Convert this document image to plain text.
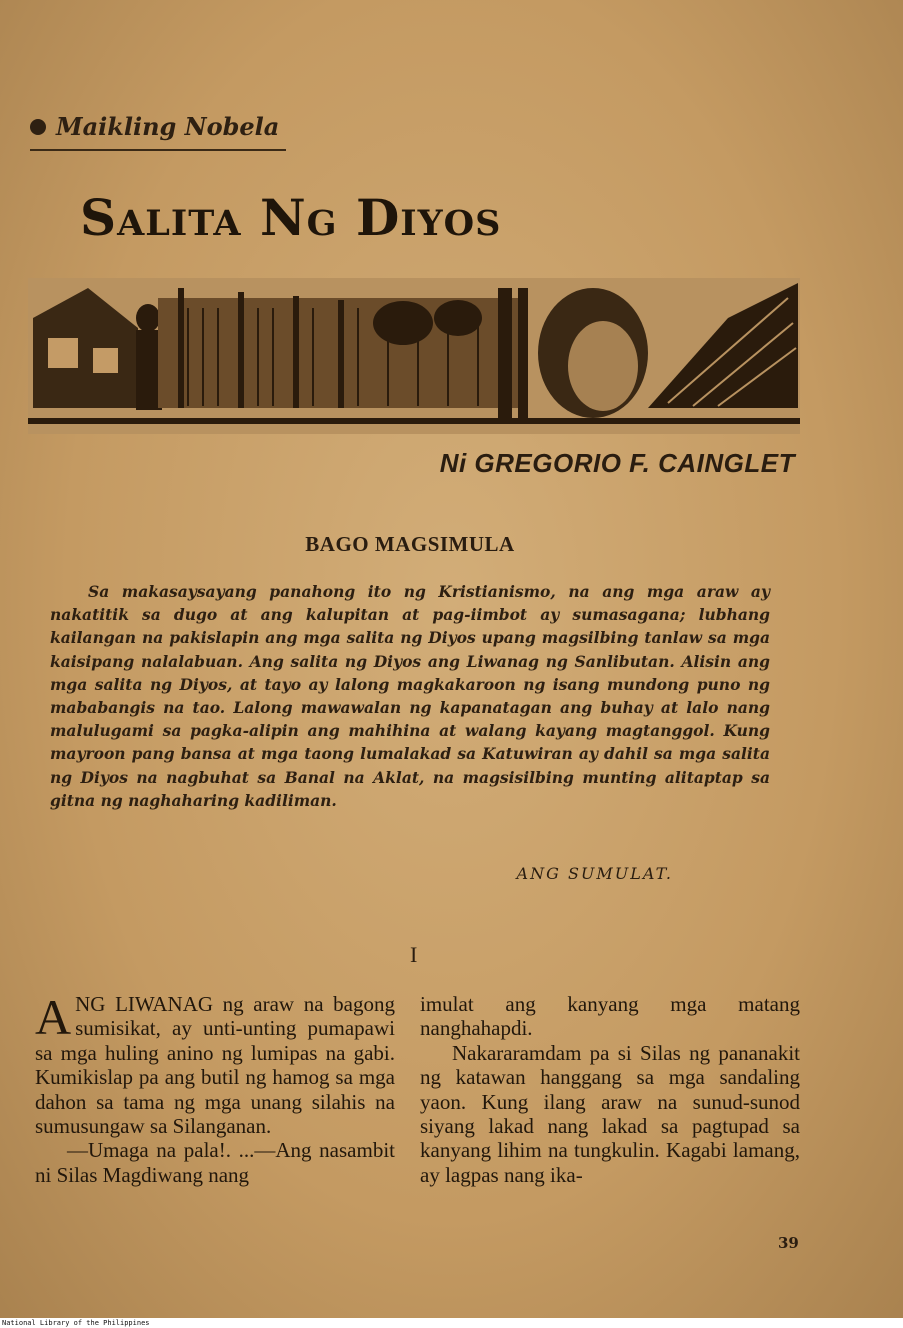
Maikling Nobela
Salita Ng Diyos
Ni GREGORIO F. CAINGLET
BAGO MAGSIMULA
Sa makasaysayang panahong ito ng Kristianismo, na ang mga araw ay nakatitik sa dugo at ang kalupitan at pag-iimbot ay sumasagana; lubhang kailangan na pakislapin ang mga salita ng Diyos upang magsilbing tanlaw sa mga kaisipang nalalabuan. Ang salita ng Diyos ang Liwanag ng Sanlibutan. Alisin ang mga salita ng Diyos, at tayo ay lalong magkakaroon ng isang mundong puno ng mababangis na tao. Lalong mawawalan ng kapanatagan ang buhay at lalo nang malulugami sa pagka-alipin ang mahihina at walang kayang magtanggol. Kung mayroon pang bansa at mga taong lumalakad sa Katuwiran ay dahil sa mga salita ng Diyos na nagbuhat sa Banal na Aklat, na magsisilbing munting alitaptap sa gitna ng naghaharing kadiliman.
ANG SUMULAT.
I

ANG LIWANAG ng araw na bagong sumisikat, ay unti-unting pumapawi sa mga huling anino ng lumipas na gabi. Kumikislap pa ang butil ng hamog sa mga dahon sa tama ng mga unang silahis na sumusungaw sa Silanganan.

—Umaga na pala!. ...—Ang nasambit ni Silas Magdiwang nang

imulat ang kanyang mga matang nanghahapdi.

Nakararamdam pa si Silas ng pananakit ng katawan hanggang sa mga sandaling yaon. Kung ilang araw na sunud-sunod siyang lakad nang lakad sa pagtupad sa kanyang lihim na tungkulin. Kagabi lamang, ay lagpas nang ika-

39
National Library of the Philippines
